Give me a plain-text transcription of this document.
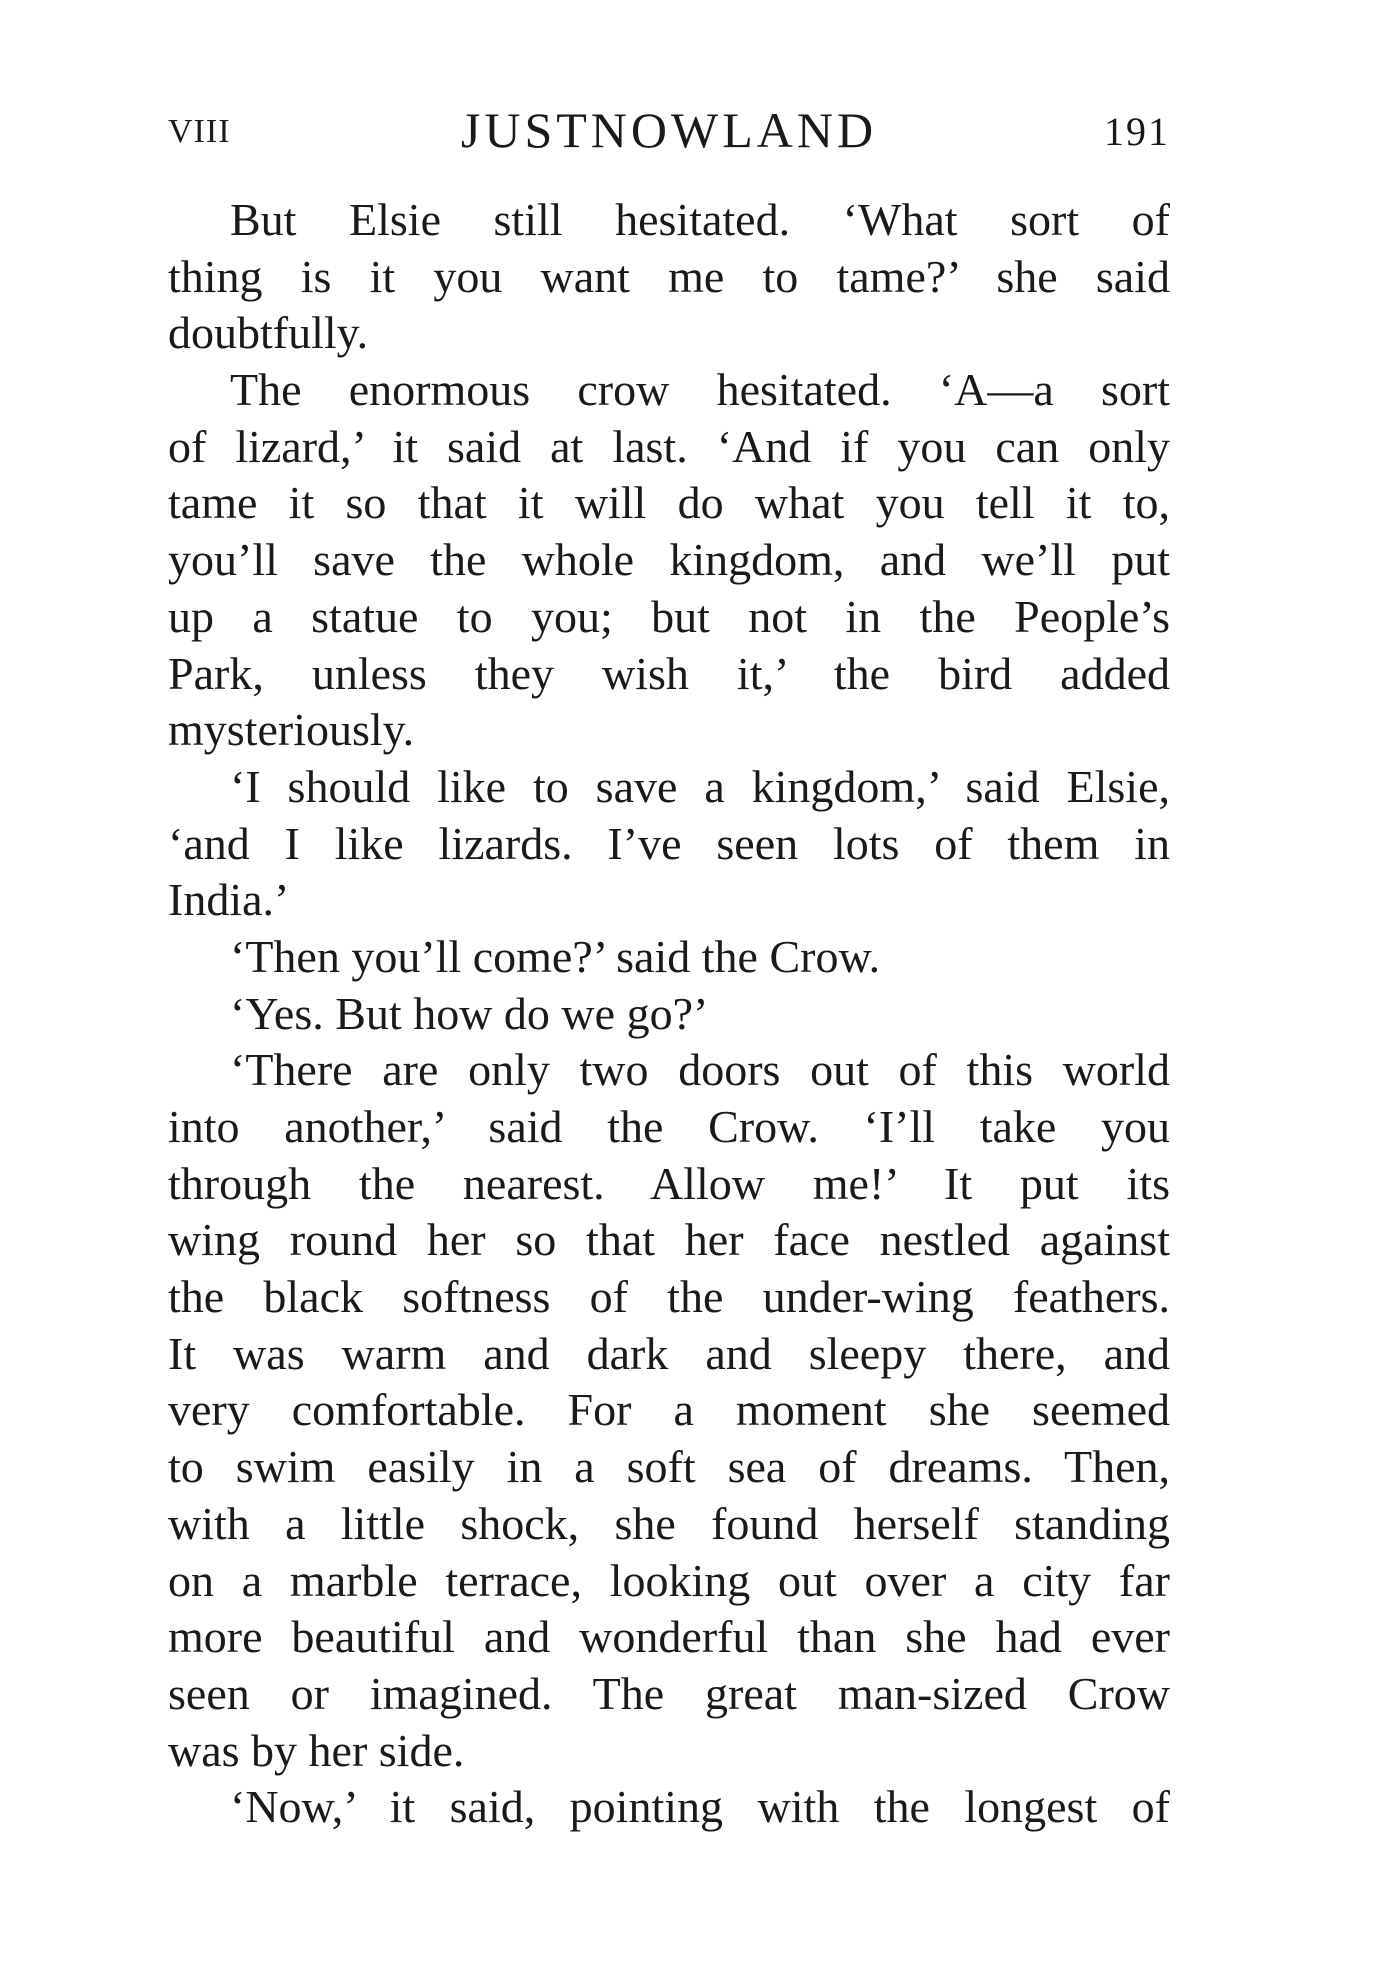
VIII	JUSTNOWLAND	191
But Elsie still hesitated. ‘What sort of
thing is it you want me to tame?’ she said
doubtfully.
The enormous crow hesitated. ‘A—a sort
of lizard,’ it said at last. ‘And if you can only
tame it so that it will do what you tell it to,
you’ll save the whole kingdom, and we’ll put
up a statue to you; but not in the People’s
Park, unless they wish it,’ the bird added
mysteriously.
‘I should like to save a kingdom,’ said Elsie,
‘and I like lizards. I’ve seen lots of them in
India.’
‘Then you’ll come?’ said the Crow.
‘Yes. But how do we go?’
‘There are only two doors out of this world
into another,’ said the Crow. ‘I’ll take you
through the nearest. Allow me!’ It put its
wing round her so that her face nestled against
the black softness of the under-wing feathers.
It was warm and dark and sleepy there, and
very comfortable. For a moment she seemed
to swim easily in a soft sea of dreams. Then,
with a little shock, she found herself standing
on a marble terrace, looking out over a city far
more beautiful and wonderful than she had ever
seen or imagined. The great man-sized Crow
was by her side.
‘Now,’ it said, pointing with the longest of
